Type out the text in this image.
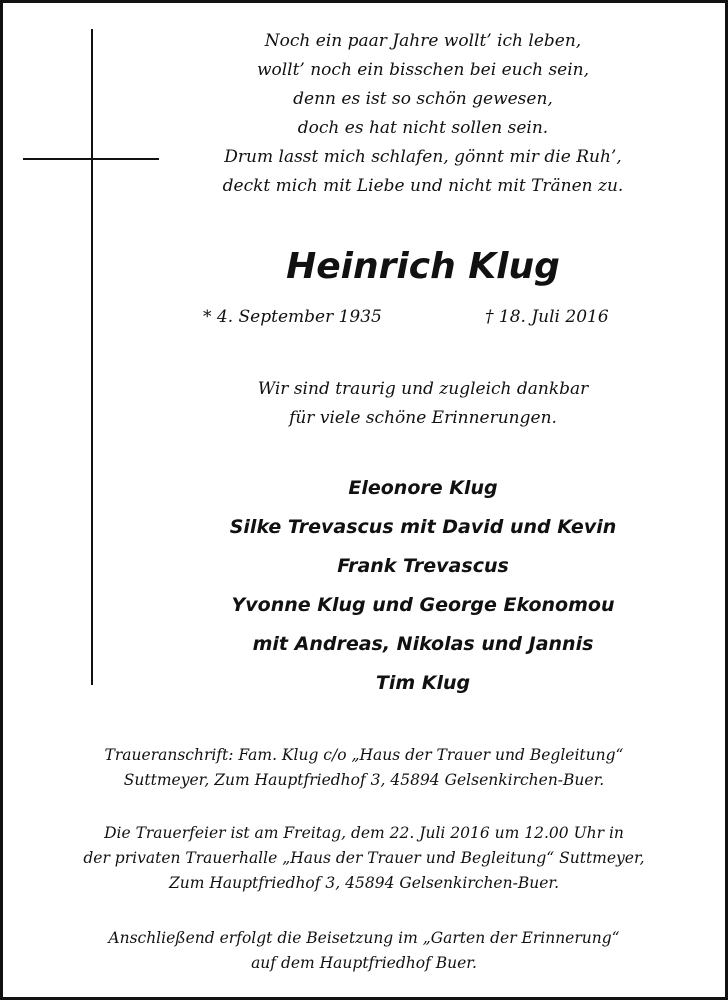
Noch ein paar Jahre wollt’ ich leben,
wollt’ noch ein bisschen bei euch sein,
denn es ist so schön gewesen,
doch es hat nicht sollen sein.
Drum lasst mich schlafen, gönnt mir die Ruh’,
deckt mich mit Liebe und nicht mit Tränen zu.
Heinrich Klug
* 4. September 1935	† 18. Juli 2016
Wir sind traurig und zugleich dankbar
für viele schöne Erinnerungen.
Eleonore Klug
Silke Trevascus mit David und Kevin
Frank Trevascus
Yvonne Klug und George Ekonomou
mit Andreas, Nikolas und Jannis
Tim Klug
Traueranschrift: Fam. Klug c/o „Haus der Trauer und Begleitung“
Suttmeyer, Zum Hauptfriedhof 3, 45894 Gelsenkirchen-Buer.
Die Trauerfeier ist am Freitag, dem 22. Juli 2016 um 12.00 Uhr in
der privaten Trauerhalle „Haus der Trauer und Begleitung“ Suttmeyer,
Zum Hauptfriedhof 3, 45894 Gelsenkirchen-Buer.
Anschließend erfolgt die Beisetzung im „Garten der Erinnerung“
auf dem Hauptfriedhof Buer.
